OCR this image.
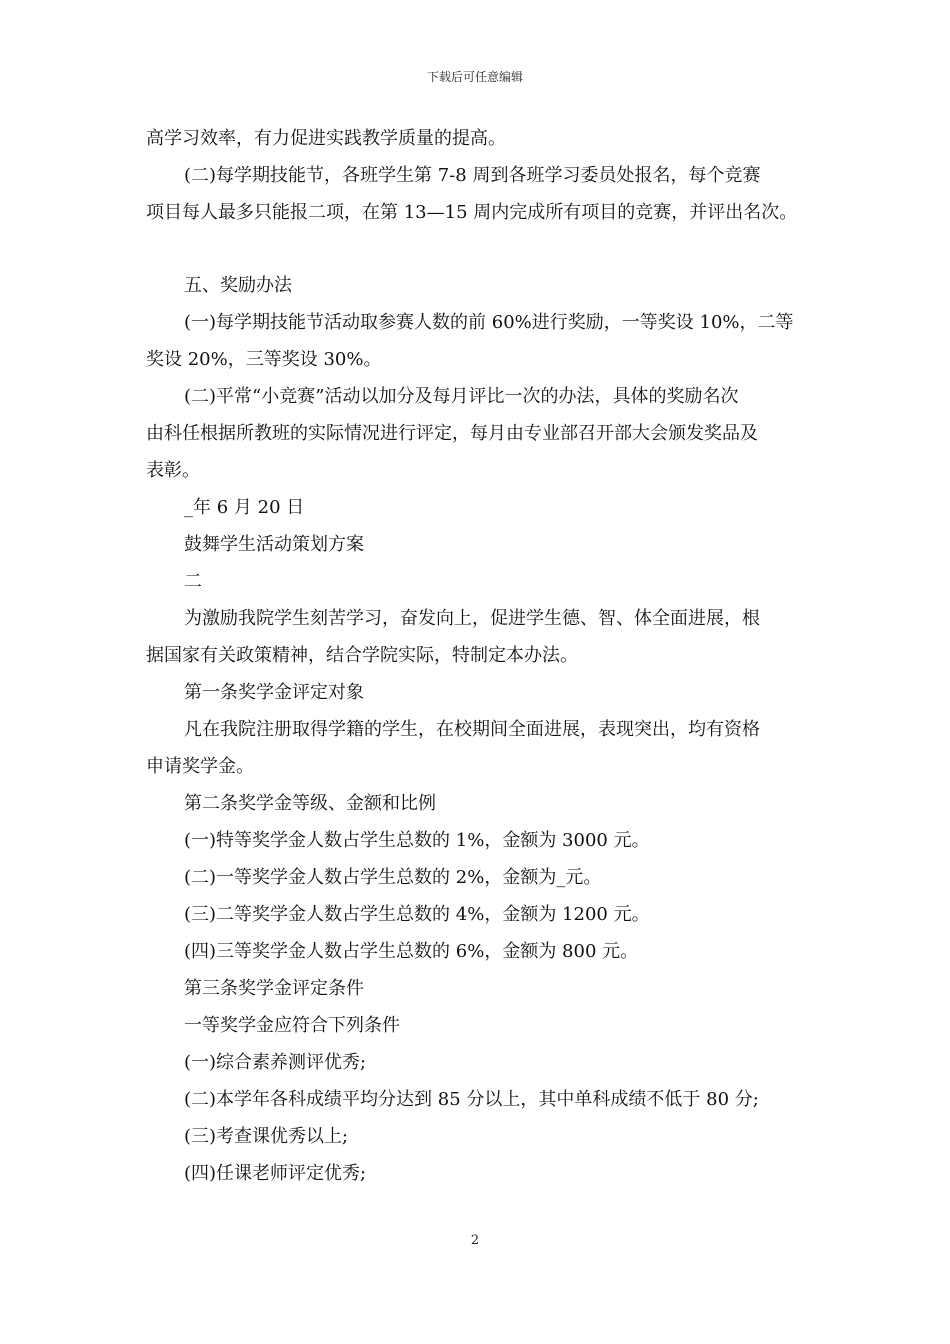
下载后可任意编辑
高学习效率，有力促进实践教学质量的提高。
(二)每学期技能节，各班学生第 7-8 周到各班学习委员处报名，每个竞赛
项目每人最多只能报二项，在第 13—15 周内完成所有项目的竞赛，并评出名次。
五、奖励办法
(一)每学期技能节活动取参赛人数的前 60%进行奖励，一等奖设 10%，二等
奖设 20%，三等奖设 30%。
(二)平常“小竞赛”活动以加分及每月评比一次的办法，具体的奖励名次
由科任根据所教班的实际情况进行评定，每月由专业部召开部大会颁发奖品及
表彰。
_年 6 月 20 日
鼓舞学生活动策划方案
二
为激励我院学生刻苦学习，奋发向上，促进学生德、智、体全面进展，根
据国家有关政策精神，结合学院实际，特制定本办法。
第一条奖学金评定对象
凡在我院注册取得学籍的学生，在校期间全面进展，表现突出，均有资格
申请奖学金。
第二条奖学金等级、金额和比例
(一)特等奖学金人数占学生总数的 1%，金额为 3000 元。
(二)一等奖学金人数占学生总数的 2%，金额为_元。
(三)二等奖学金人数占学生总数的 4%，金额为 1200 元。
(四)三等奖学金人数占学生总数的 6%，金额为 800 元。
第三条奖学金评定条件
一等奖学金应符合下列条件
(一)综合素养测评优秀;
(二)本学年各科成绩平均分达到 85 分以上，其中单科成绩不低于 80 分;
(三)考查课优秀以上;
(四)任课老师评定优秀;
2
